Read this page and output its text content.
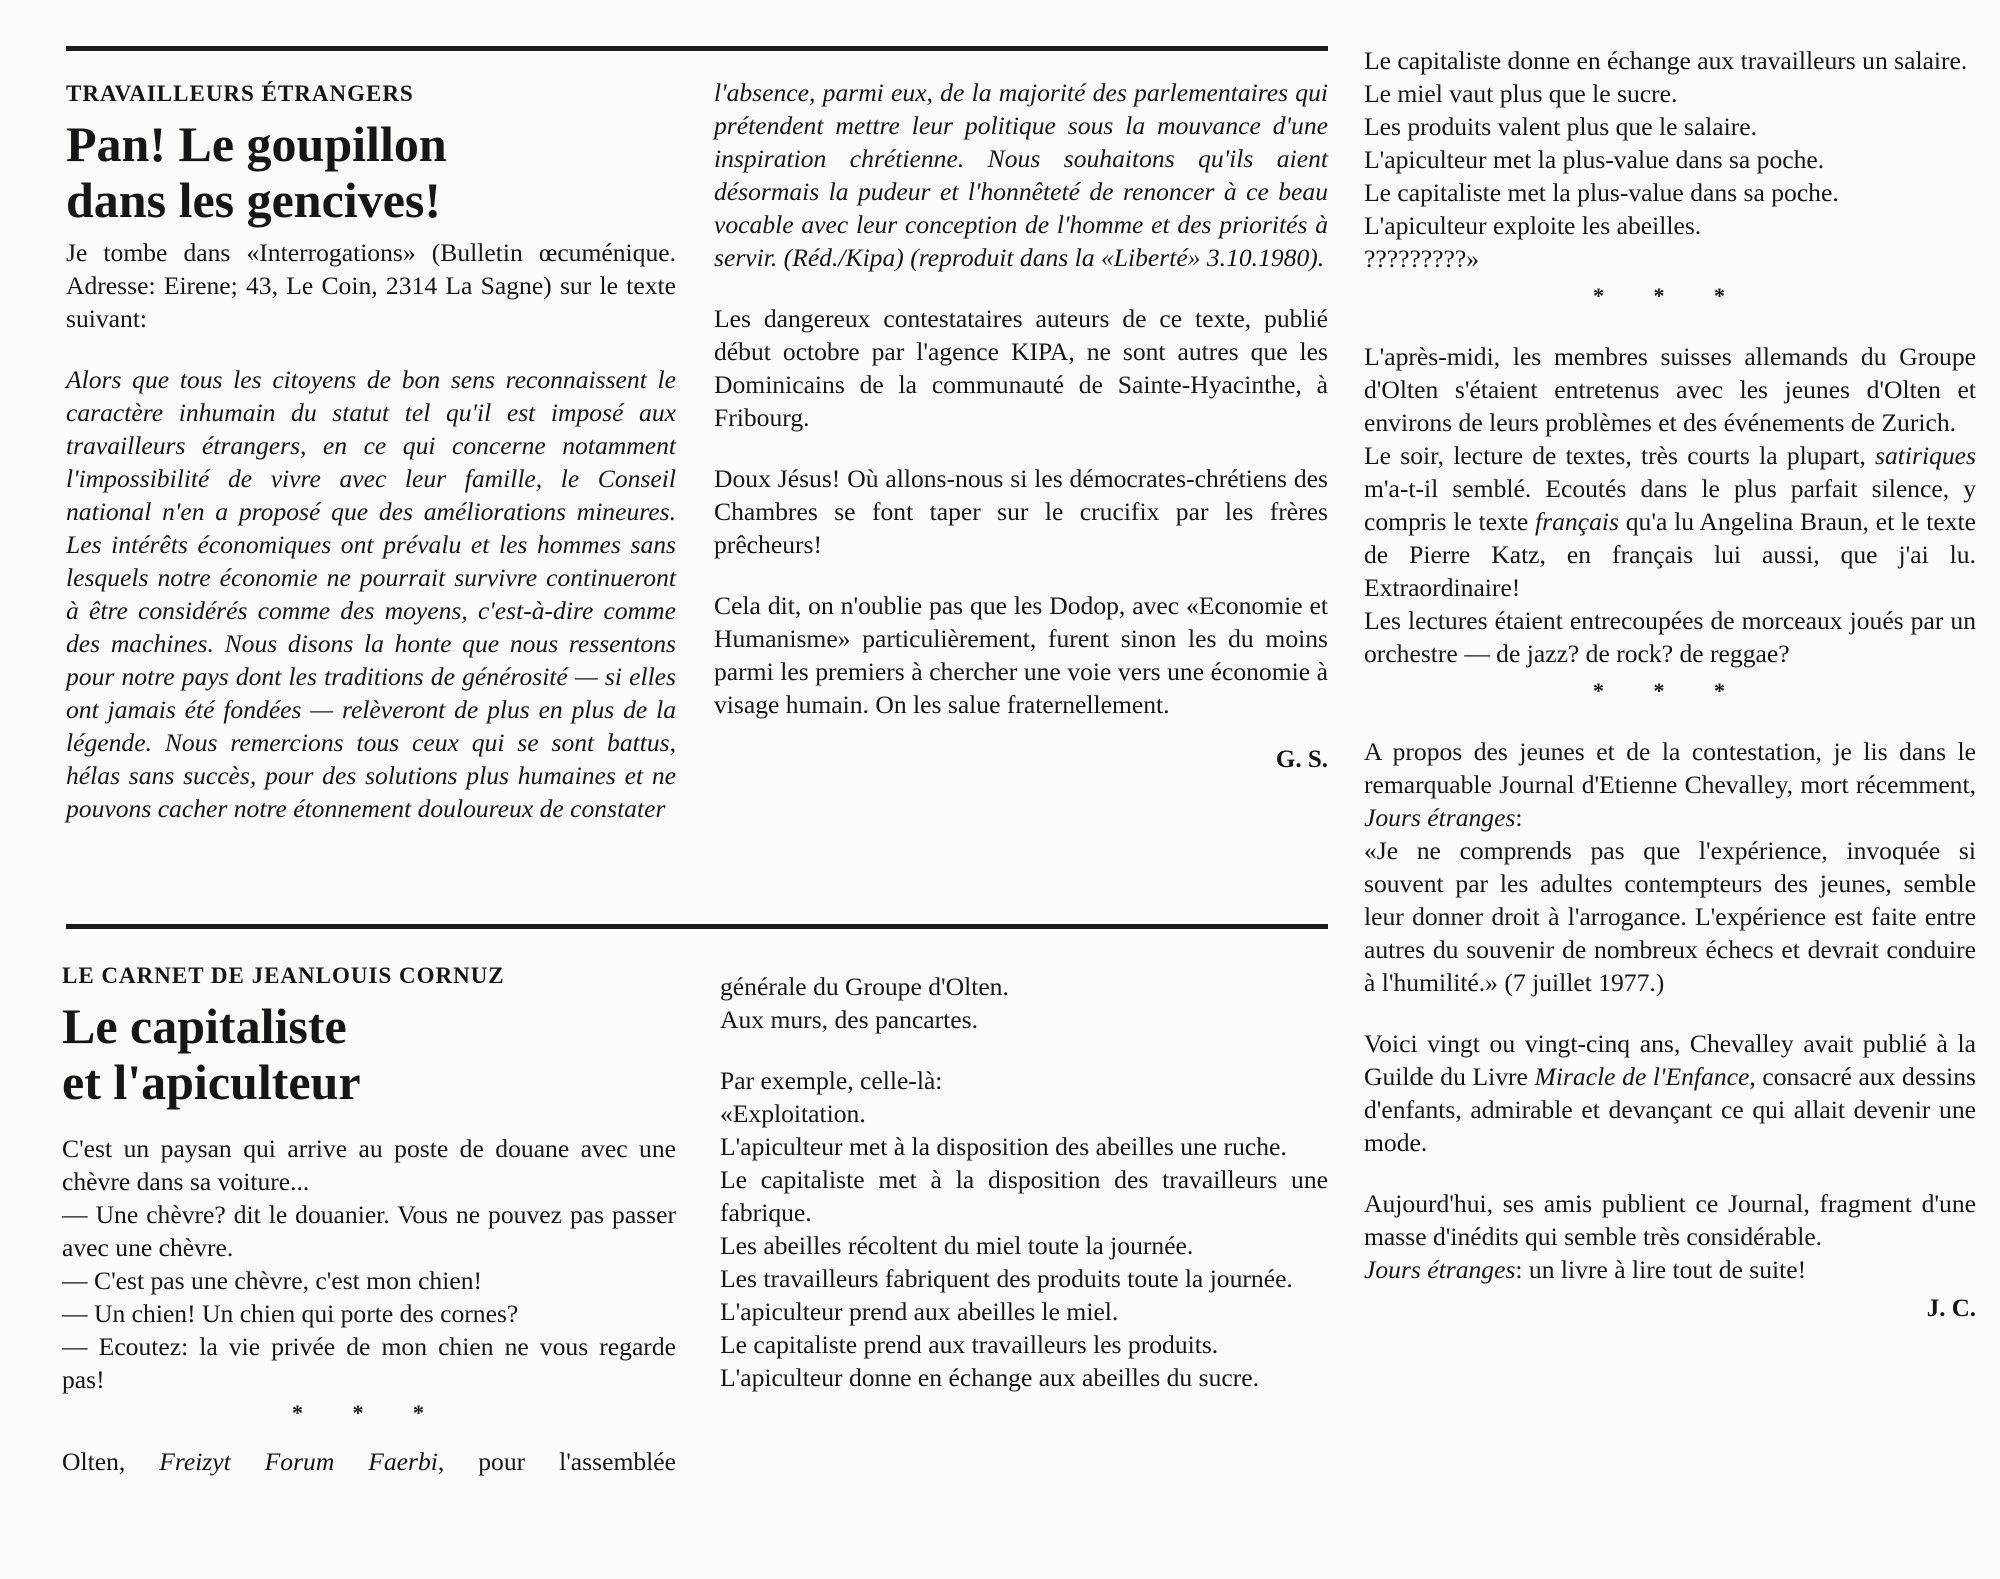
TRAVAILLEURS ÉTRANGERS
Pan! Le goupillon
dans les gencives!

Je tombe dans «Interrogations» (Bulletin œcuménique. Adresse: Eirene; 43, Le Coin, 2314 La Sagne) sur le texte suivant:

Alors que tous les citoyens de bon sens reconnaissent le caractère inhumain du statut tel qu'il est imposé aux travailleurs étrangers, en ce qui concerne notamment l'impossibilité de vivre avec leur famille, le Conseil national n'en a proposé que des améliorations mineures. Les intérêts économiques ont prévalu et les hommes sans lesquels notre économie ne pourrait survivre continueront à être considérés comme des moyens, c'est-à-dire comme des machines. Nous disons la honte que nous ressentons pour notre pays dont les traditions de générosité — si elles ont jamais été fondées — relèveront de plus en plus de la légende. Nous remercions tous ceux qui se sont battus, hélas sans succès, pour des solutions plus humaines et ne pouvons cacher notre étonnement douloureux de constater

l'absence, parmi eux, de la majorité des parlementaires qui prétendent mettre leur politique sous la mouvance d'une inspiration chrétienne. Nous souhaitons qu'ils aient désormais la pudeur et l'honnêteté de renoncer à ce beau vocable avec leur conception de l'homme et des priorités à servir. (Réd./Kipa) (reproduit dans la «Liberté» 3.10.1980).

Les dangereux contestataires auteurs de ce texte, publié début octobre par l'agence KIPA, ne sont autres que les Dominicains de la communauté de Sainte-Hyacinthe, à Fribourg.

Doux Jésus! Où allons-nous si les démocrates-chrétiens des Chambres se font taper sur le crucifix par les frères prêcheurs!

Cela dit, on n'oublie pas que les Dodop, avec «Economie et Humanisme» particulièrement, furent sinon les du moins parmi les premiers à chercher une voie vers une économie à visage humain. On les salue fraternellement.

G. S.

LE CARNET DE JEANLOUIS CORNUZ
Le capitaliste
et l'apiculteur

C'est un paysan qui arrive au poste de douane avec une chèvre dans sa voiture...

— Une chèvre? dit le douanier. Vous ne pouvez pas passer avec une chèvre.

— C'est pas une chèvre, c'est mon chien!

— Un chien! Un chien qui porte des cornes?

— Ecoutez: la vie privée de mon chien ne vous regarde pas!

* * *

Olten, Freizyt Forum Faerbi, pour l'assemblée

générale du Groupe d'Olten.

Aux murs, des pancartes.

Par exemple, celle-là:

«Exploitation.

L'apiculteur met à la disposition des abeilles une ruche.

Le capitaliste met à la disposition des travailleurs une fabrique.

Les abeilles récoltent du miel toute la journée.

Les travailleurs fabriquent des produits toute la journée.

L'apiculteur prend aux abeilles le miel.

Le capitaliste prend aux travailleurs les produits.

L'apiculteur donne en échange aux abeilles du sucre.

Le capitaliste donne en échange aux travailleurs un salaire.

Le miel vaut plus que le sucre.

Les produits valent plus que le salaire.

L'apiculteur met la plus-value dans sa poche.

Le capitaliste met la plus-value dans sa poche.

L'apiculteur exploite les abeilles.

?????????»

* * *

L'après-midi, les membres suisses allemands du Groupe d'Olten s'étaient entretenus avec les jeunes d'Olten et environs de leurs problèmes et des événements de Zurich.

Le soir, lecture de textes, très courts la plupart, satiriques m'a-t-il semblé. Ecoutés dans le plus parfait silence, y compris le texte français qu'a lu Angelina Braun, et le texte de Pierre Katz, en français lui aussi, que j'ai lu. Extraordinaire!

Les lectures étaient entrecoupées de morceaux joués par un orchestre — de jazz? de rock? de reggae?

* * *

A propos des jeunes et de la contestation, je lis dans le remarquable Journal d'Etienne Chevalley, mort récemment, Jours étranges:

«Je ne comprends pas que l'expérience, invoquée si souvent par les adultes contempteurs des jeunes, semble leur donner droit à l'arrogance. L'expérience est faite entre autres du souvenir de nombreux échecs et devrait conduire à l'humilité.» (7 juillet 1977.)

Voici vingt ou vingt-cinq ans, Chevalley avait publié à la Guilde du Livre Miracle de l'Enfance, consacré aux dessins d'enfants, admirable et devançant ce qui allait devenir une mode.

Aujourd'hui, ses amis publient ce Journal, fragment d'une masse d'inédits qui semble très considérable.

Jours étranges: un livre à lire tout de suite!

J. C.
